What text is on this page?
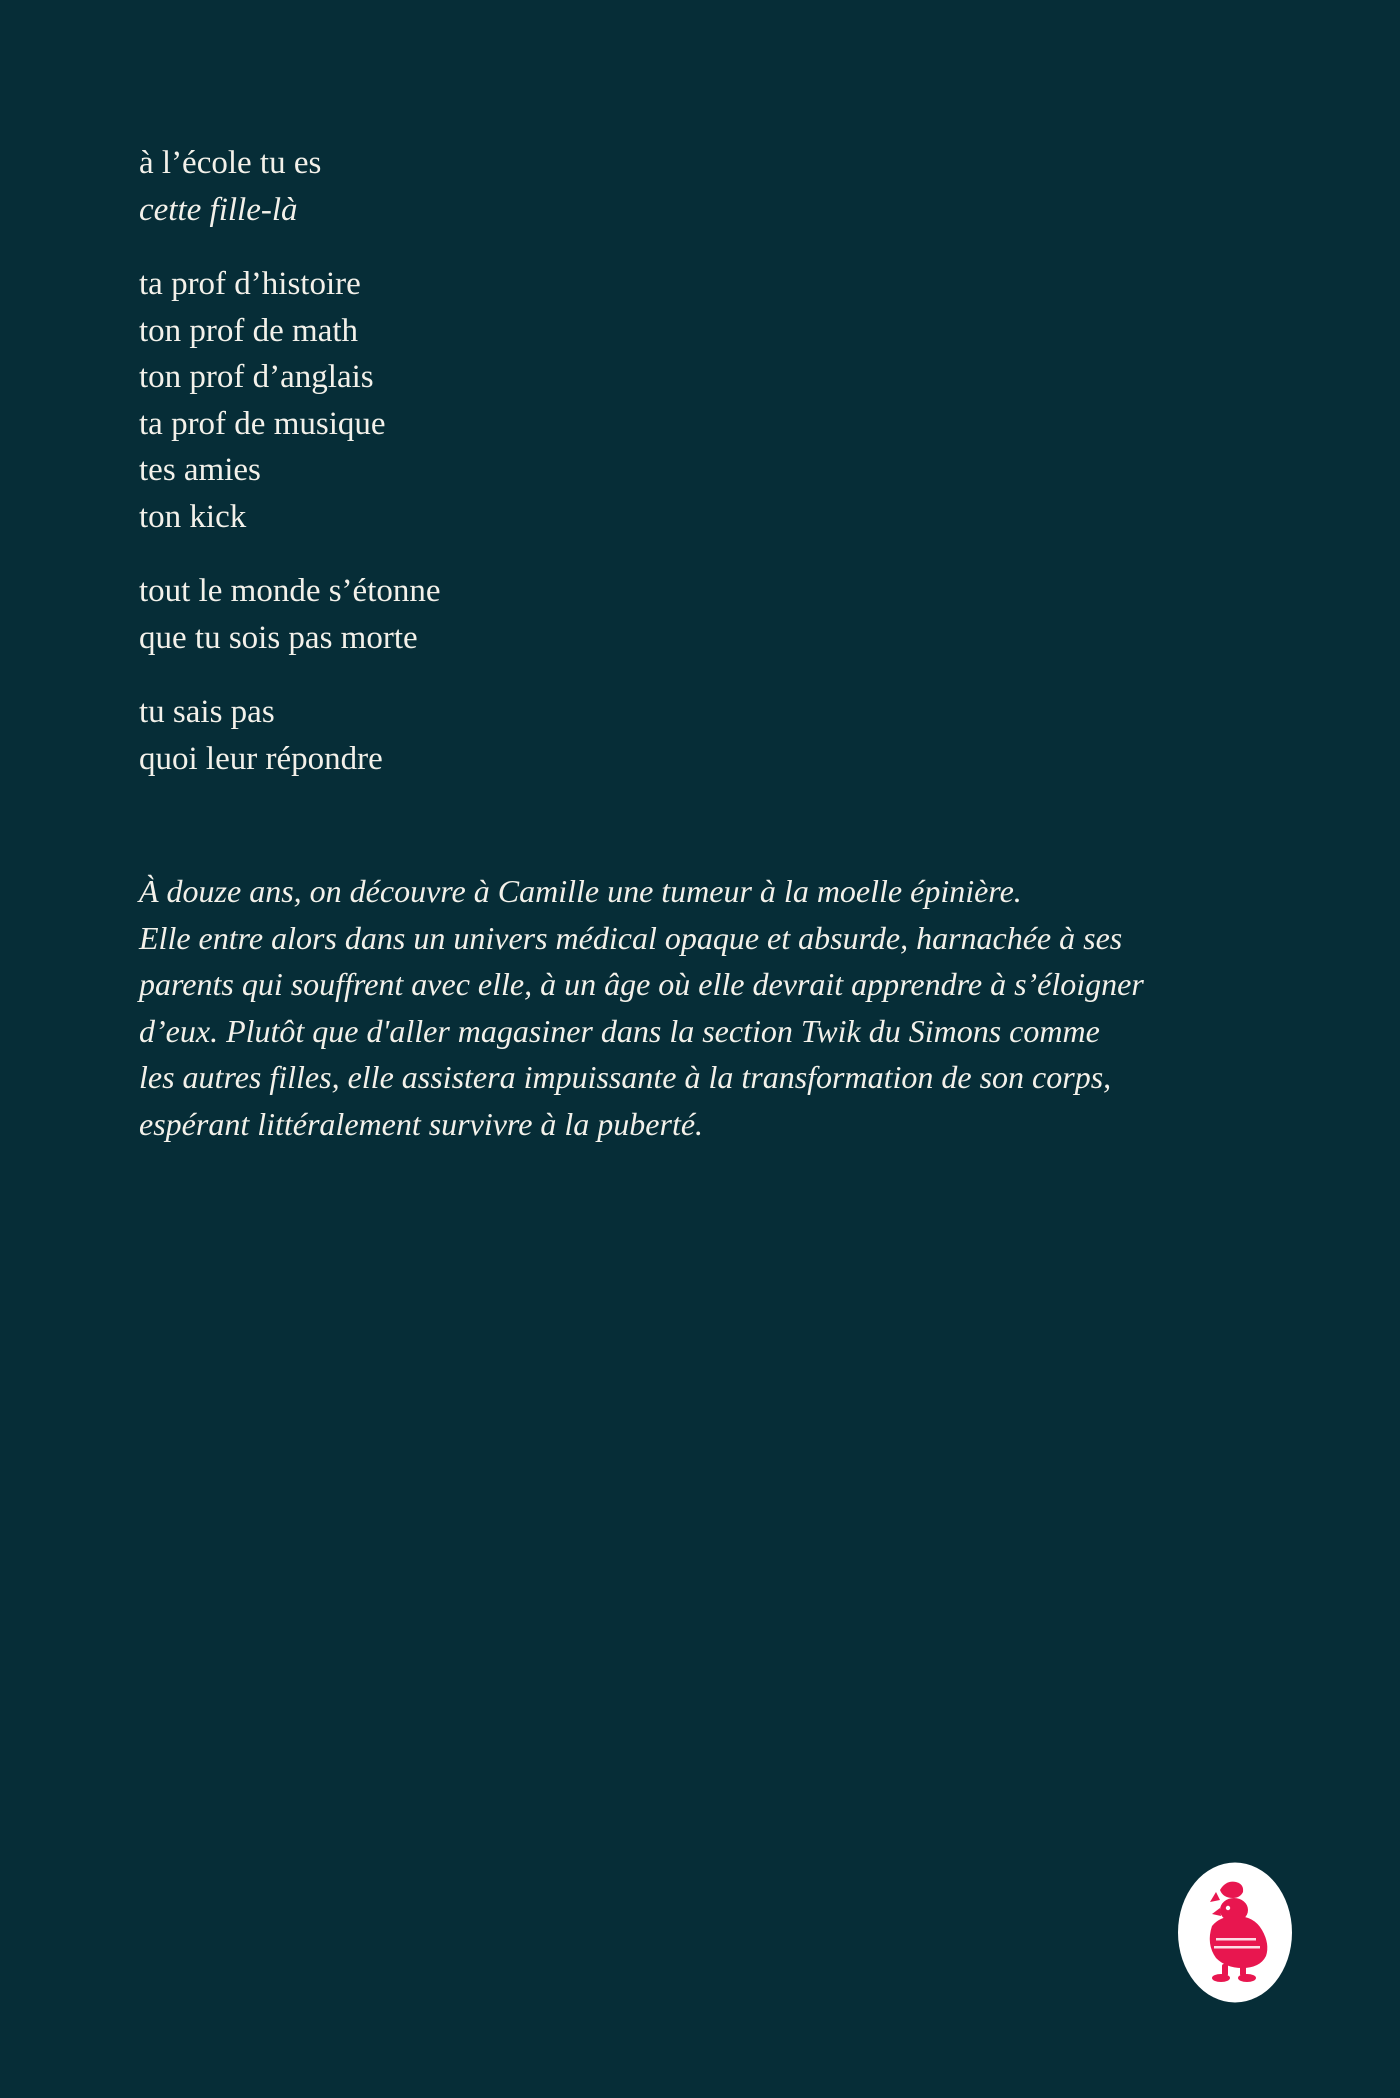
à l’école tu es
cette fille-là
ta prof d’histoire
ton prof de math
ton prof d’anglais
ta prof de musique
tes amies
ton kick
tout le monde s’étonne
que tu sois pas morte
tu sais pas
quoi leur répondre
À douze ans, on découvre à Camille une tumeur à la moelle épinière.
Elle entre alors dans un univers médical opaque et absurde, harnachée à ses
parents qui souffrent avec elle, à un âge où elle devrait apprendre à s’éloigner
d’eux. Plutôt que d'aller magasiner dans la section Twik du Simons comme
les autres filles, elle assistera impuissante à la transformation de son corps,
espérant littéralement survivre à la puberté.
